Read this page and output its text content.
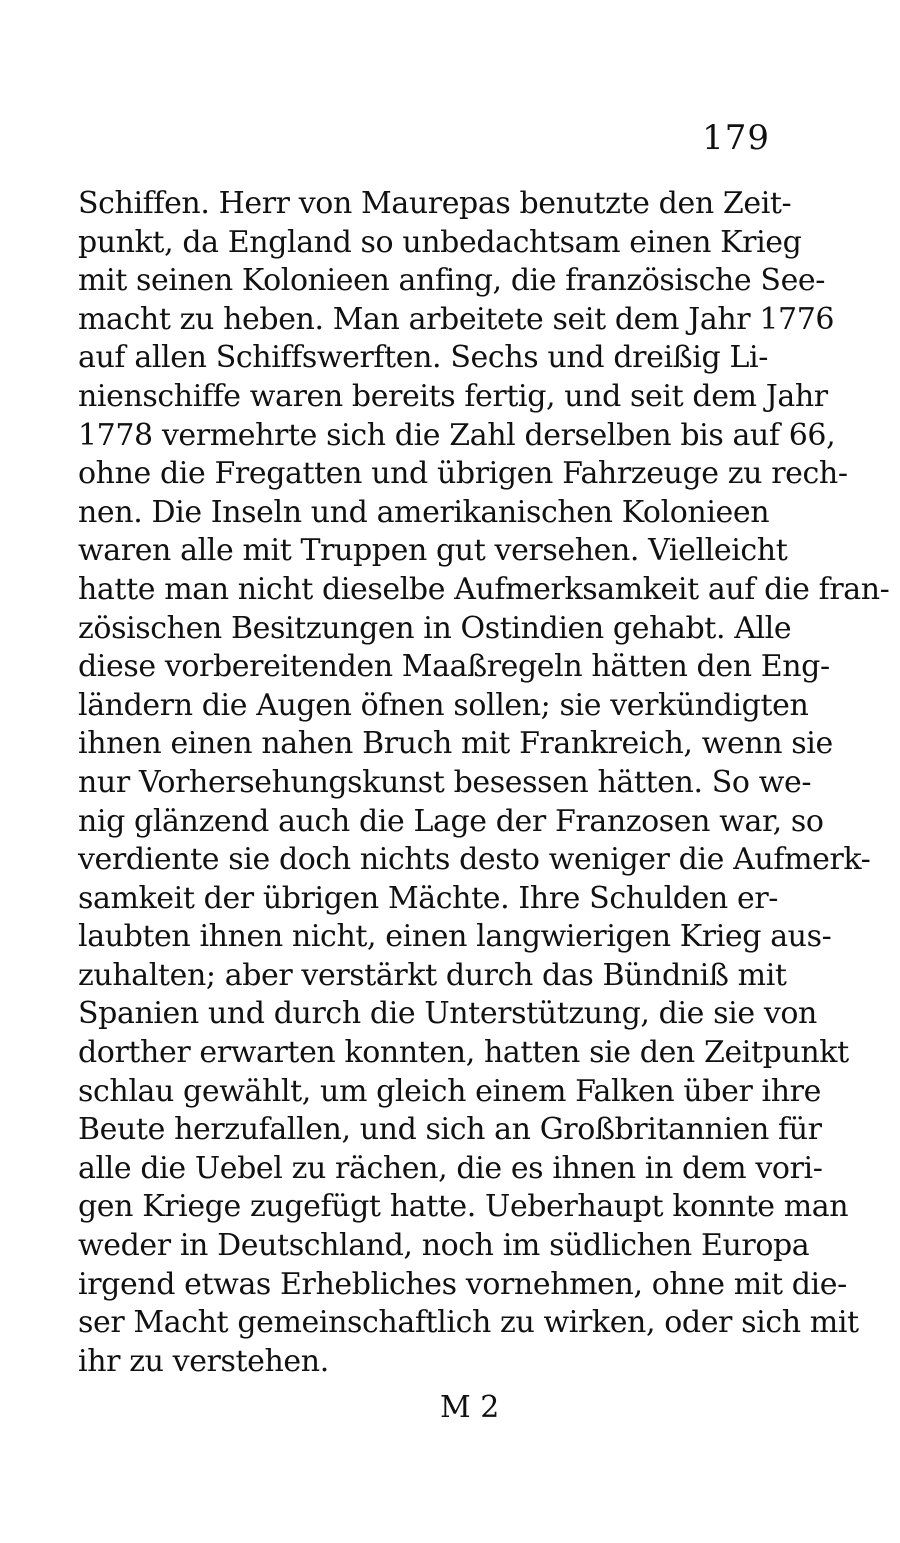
179
Schiffen. Herr von Maurepas benutzte den Zeit-
punkt, da England so unbedachtsam einen Krieg
mit seinen Kolonieen anfing, die französische See-
macht zu heben. Man arbeitete seit dem Jahr 1776
auf allen Schiffswerften. Sechs und dreißig Li-
nienschiffe waren bereits fertig, und seit dem Jahr
1778 vermehrte sich die Zahl derselben bis auf 66,
ohne die Fregatten und übrigen Fahrzeuge zu rech-
nen. Die Inseln und amerikanischen Kolonieen
waren alle mit Truppen gut versehen. Vielleicht
hatte man nicht dieselbe Aufmerksamkeit auf die fran-
zösischen Besitzungen in Ostindien gehabt. Alle
diese vorbereitenden Maaßregeln hätten den Eng-
ländern die Augen öfnen sollen; sie verkündigten
ihnen einen nahen Bruch mit Frankreich, wenn sie
nur Vorhersehungskunst besessen hätten. So we-
nig glänzend auch die Lage der Franzosen war, so
verdiente sie doch nichts desto weniger die Aufmerk-
samkeit der übrigen Mächte. Ihre Schulden er-
laubten ihnen nicht, einen langwierigen Krieg aus-
zuhalten; aber verstärkt durch das Bündniß mit
Spanien und durch die Unterstützung, die sie von
dorther erwarten konnten, hatten sie den Zeitpunkt
schlau gewählt, um gleich einem Falken über ihre
Beute herzufallen, und sich an Großbritannien für
alle die Uebel zu rächen, die es ihnen in dem vori-
gen Kriege zugefügt hatte. Ueberhaupt konnte man
weder in Deutschland, noch im südlichen Europa
irgend etwas Erhebliches vornehmen, ohne mit die-
ser Macht gemeinschaftlich zu wirken, oder sich mit
ihr zu verstehen.
M 2
